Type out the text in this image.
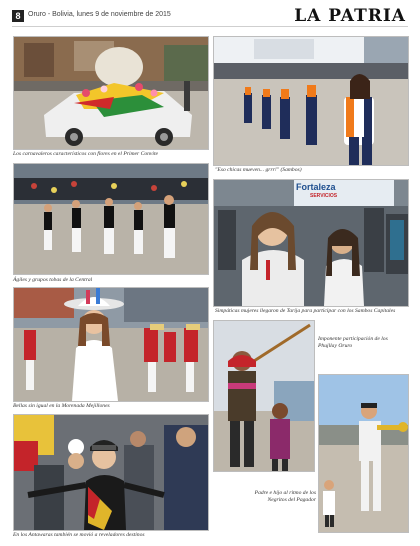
8	Oruro - Bolivia, lunes 9 de noviembre de 2015	LA PATRIA
Los carnavaleros característicos con flores en el Primer Convite
"Eso chicas mueven... grrr!" (Sambos)
Ágiles y grupos tobas de la Central
Fortaleza
SERVICIOS
Simpáticas mujeres llegaron de Tarija para participar con los Sambos Capitales
Bellas sin igual en la Morenada Mejillones
Padre e hijo al ritmo de los Negritos del Pagador
Imponente participación de los Phujllay Oruro
En los Antawaras también se movió a reveladores destinos
